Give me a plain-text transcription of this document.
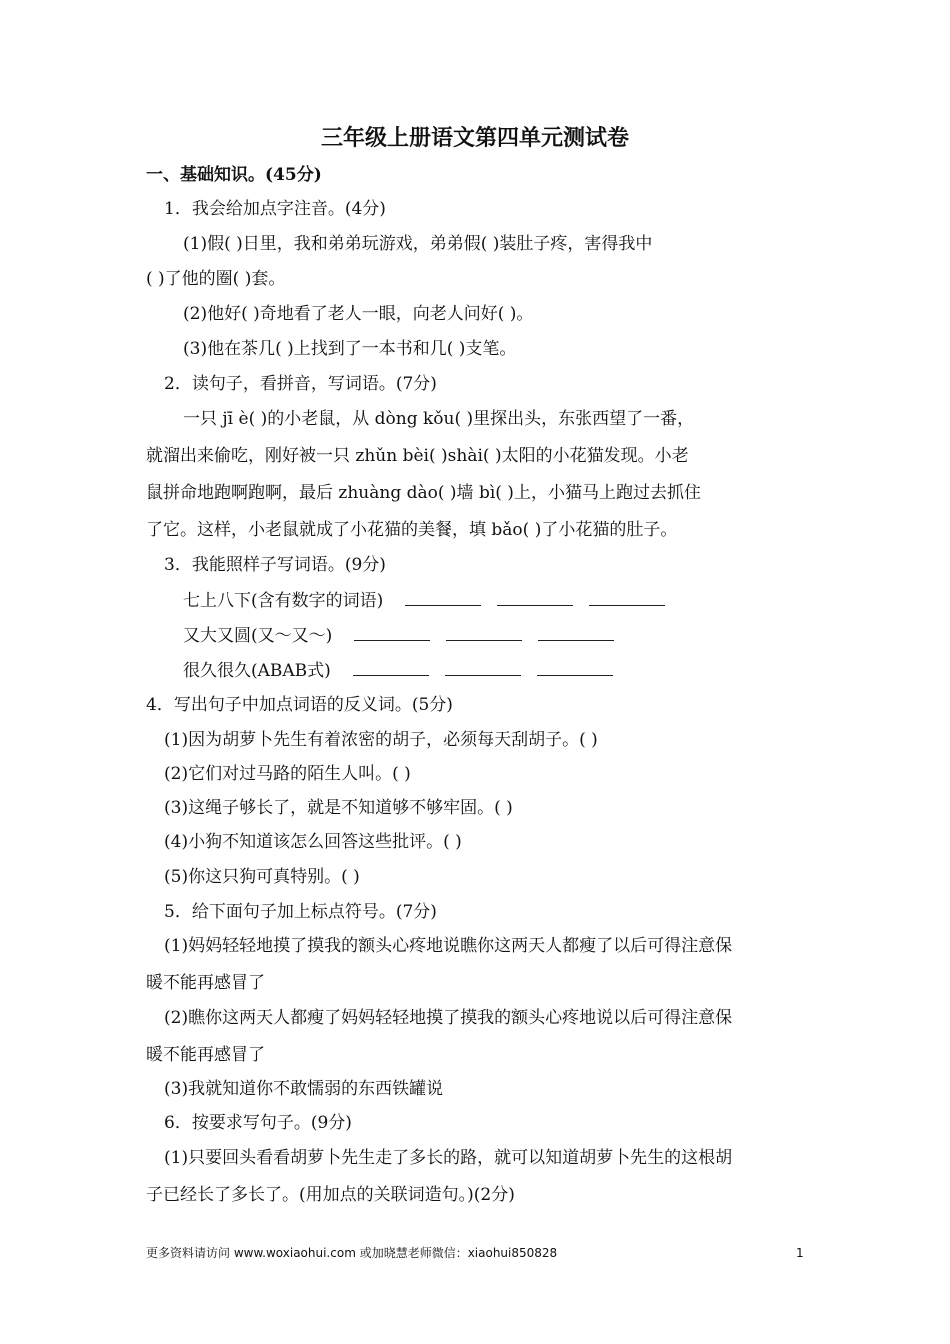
三年级上册语文第四单元测试卷
一、基础知识。(45分)
1．我会给加点字注音。(4分)
(1)假( )日里，我和弟弟玩游戏，弟弟假( )装肚子疼，害得我中
( )了他的圈( )套。
(2)他好( )奇地看了老人一眼，向老人问好( )。
(3)他在茶几( )上找到了一本书和几( )支笔。
2．读句子，看拼音，写词语。(7分)
一只 jī è( )的小老鼠，从 dòng kǒu( )里探出头，东张西望了一番，
就溜出来偷吃，刚好被一只 zhǔn bèi( )shài( )太阳的小花猫发现。小老
鼠拼命地跑啊跑啊，最后 zhuàng dào( )墙 bì( )上，小猫马上跑过去抓住
了它。这样，小老鼠就成了小花猫的美餐，填 bǎo( )了小花猫的肚子。
3．我能照样子写词语。(9分)
七上八下(含有数字的词语)
又大又圆(又～又～)
很久很久(ABAB式)
4．写出句子中加点词语的反义词。(5分)
(1)因为胡萝卜先生有着浓密的胡子，必须每天刮胡子。( )
(2)它们对过马路的陌生人叫。( )
(3)这绳子够长了，就是不知道够不够牢固。( )
(4)小狗不知道该怎么回答这些批评。( )
(5)你这只狗可真特别。( )
5．给下面句子加上标点符号。(7分)
(1)妈妈轻轻地摸了摸我的额头心疼地说瞧你这两天人都瘦了以后可得注意保
暖不能再感冒了
(2)瞧你这两天人都瘦了妈妈轻轻地摸了摸我的额头心疼地说以后可得注意保
暖不能再感冒了
(3)我就知道你不敢懦弱的东西铁罐说
6．按要求写句子。(9分)
(1)只要回头看看胡萝卜先生走了多长的路，就可以知道胡萝卜先生的这根胡
子已经长了多长了。(用加点的关联词造句。)(2分)
更多资料请访问 www.woxiaohui.com 或加晓慧老师微信：xiaohui850828	1
